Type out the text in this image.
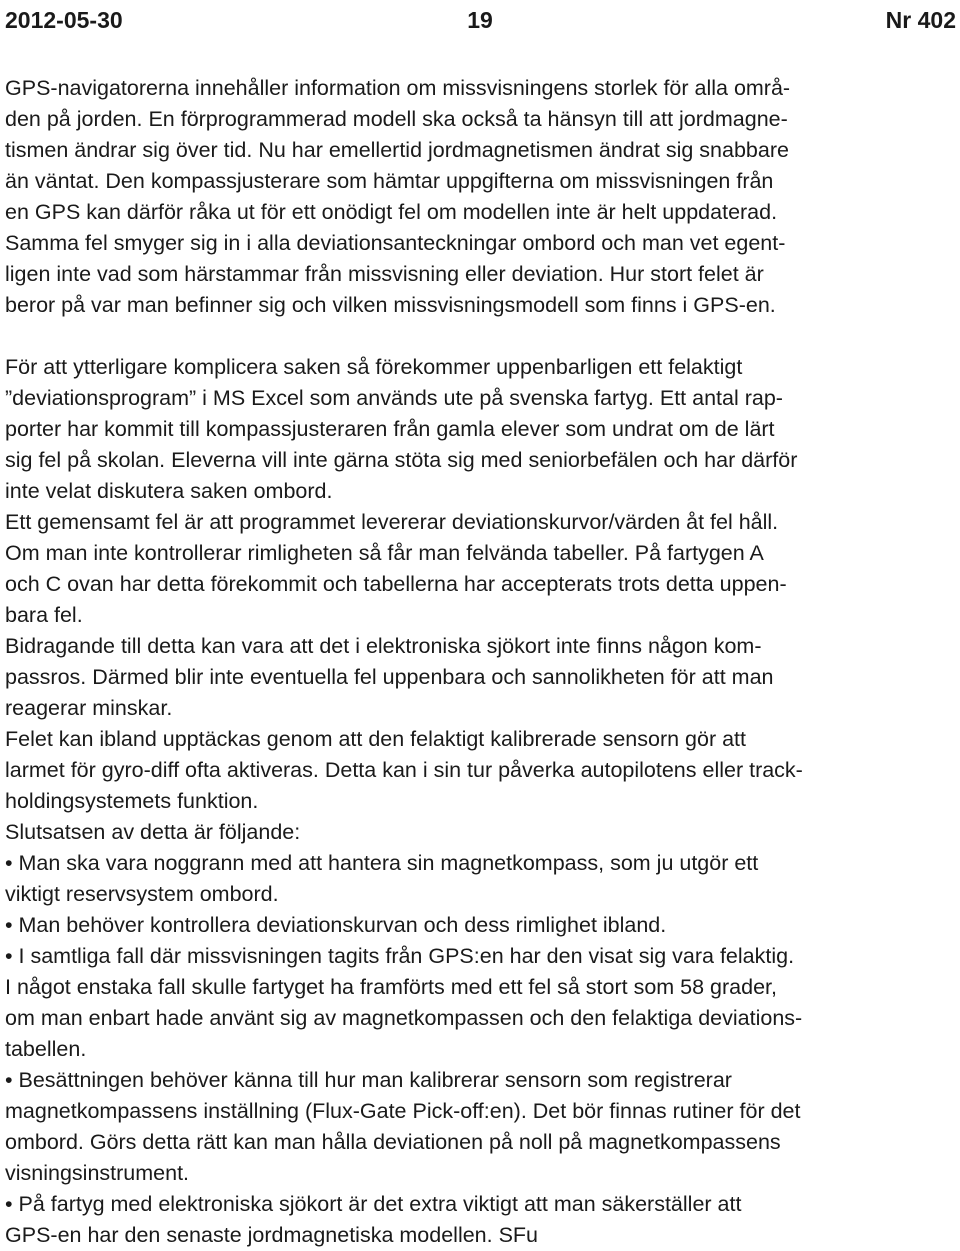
2012-05-30	19	Nr 402

GPS-navigatorerna innehåller information om missvisningens storlek för alla områ-
den på jorden. En förprogrammerad modell ska också ta hänsyn till att jordmagne-
tismen ändrar sig över tid. Nu har emellertid jordmagnetismen ändrat sig snabbare
än väntat. Den kompassjusterare som hämtar uppgifterna om missvisningen från
en GPS kan därför råka ut för ett onödigt fel om modellen inte är helt uppdaterad.
Samma fel smyger sig in i alla deviationsanteckningar ombord och man vet egent-
ligen inte vad som härstammar från missvisning eller deviation. Hur stort felet är
beror på var man befinner sig och vilken missvisningsmodell som finns i GPS-en.

För att ytterligare komplicera saken så förekommer uppenbarligen ett felaktigt
”deviationsprogram” i MS Excel som används ute på svenska fartyg. Ett antal rap-
porter har kommit till kompassjusteraren från gamla elever som undrat om de lärt
sig fel på skolan. Eleverna vill inte gärna stöta sig med seniorbefälen och har därför
inte velat diskutera saken ombord.

Ett gemensamt fel är att programmet levererar deviationskurvor/värden åt fel håll.
Om man inte kontrollerar rimligheten så får man felvända tabeller. På fartygen A
och C ovan har detta förekommit och tabellerna har accepterats trots detta uppen-
bara fel.

Bidragande till detta kan vara att det i elektroniska sjökort inte finns någon kom-
passros. Därmed blir inte eventuella fel uppenbara och sannolikheten för att man
reagerar minskar.

Felet kan ibland upptäckas genom att den felaktigt kalibrerade sensorn gör att
larmet för gyro-diff ofta aktiveras. Detta kan i sin tur påverka autopilotens eller track-
holdingsystemets funktion.

Slutsatsen av detta är följande:

• Man ska vara noggrann med att hantera sin magnetkompass, som ju utgör ett
viktigt reservsystem ombord.

• Man behöver kontrollera deviationskurvan och dess rimlighet ibland.

• I samtliga fall där missvisningen tagits från GPS:en har den visat sig vara felaktig.
I något enstaka fall skulle fartyget ha framförts med ett fel så stort som 58 grader,
om man enbart hade använt sig av magnetkompassen och den felaktiga deviations-
tabellen.

• Besättningen behöver känna till hur man kalibrerar sensorn som registrerar
magnetkompassens inställning (Flux-Gate Pick-off:en). Det bör finnas rutiner för det
ombord. Görs detta rätt kan man hålla deviationen på noll på magnetkompassens
visningsinstrument.

• På fartyg med elektroniska sjökort är det extra viktigt att man säkerställer att
GPS-en har den senaste jordmagnetiska modellen. SFu
